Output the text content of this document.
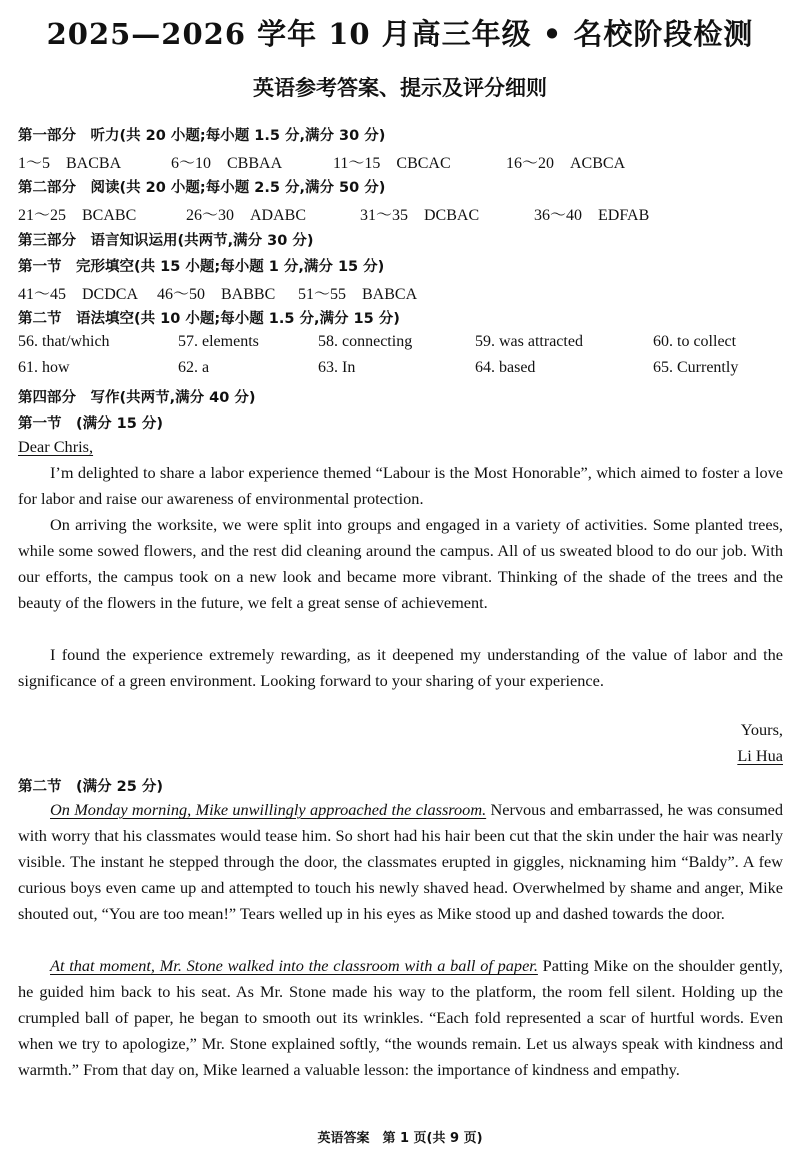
2025—2026 学年 10 月高三年级 • 名校阶段检测
英语参考答案、提示及评分细则
第一部分　听力(共 20 小题;每小题 1.5 分,满分 30 分)
1～5　BACBA	6～10　CBBAA	11～15　CBCAC	16～20　ACBCA
第二部分　阅读(共 20 小题;每小题 2.5 分,满分 50 分)
21～25　BCABC	26～30　ADABC	31～35　DCBAC	36～40　EDFAB
第三部分　语言知识运用(共两节,满分 30 分)
第一节　完形填空(共 15 小题;每小题 1 分,满分 15 分)
41～45　DCDCA 46～50　BABBC 51～55　BABCA
第二节　语法填空(共 10 小题;每小题 1.5 分,满分 15 分)
56. that/which	57. elements	58. connecting	59. was attracted	60. to collect
61. how	62. a	63. In	64. based	65. Currently
第四部分　写作(共两节,满分 40 分)
第一节　(满分 15 分)
Dear Chris,
I’m delighted to share a labor experience themed “Labour is the Most Honorable”, which aimed to foster a love for labor and raise our awareness of environmental protection.
On arriving the worksite, we were split into groups and engaged in a variety of activities. Some planted trees, while some sowed flowers, and the rest did cleaning around the campus. All of us sweated blood to do our job. With our efforts, the campus took on a new look and became more vibrant. Thinking of the shade of the trees and the beauty of the flowers in the future, we felt a great sense of achievement.
I found the experience extremely rewarding, as it deepened my understanding of the value of labor and the significance of a green environment. Looking forward to your sharing of your experience.
Yours,
Li Hua
第二节　(满分 25 分)
On Monday morning, Mike unwillingly approached the classroom. Nervous and embarrassed, he was consumed with worry that his classmates would tease him. So short had his hair been cut that the skin under the hair was nearly visible. The instant he stepped through the door, the classmates erupted in giggles, nicknaming him “Baldy”. A few curious boys even came up and attempted to touch his newly shaved head. Overwhelmed by shame and anger, Mike shouted out, “You are too mean!” Tears welled up in his eyes as Mike stood up and dashed towards the door.
At that moment, Mr. Stone walked into the classroom with a ball of paper. Patting Mike on the shoulder gently, he guided him back to his seat. As Mr. Stone made his way to the platform, the room fell silent. Holding up the crumpled ball of paper, he began to smooth out its wrinkles. “Each fold represented a scar of hurtful words. Even when we try to apologize,” Mr. Stone explained softly, “the wounds remain. Let us always speak with kindness and warmth.” From that day on, Mike learned a valuable lesson: the importance of kindness and empathy.
英语答案　第 1 页(共 9 页)
